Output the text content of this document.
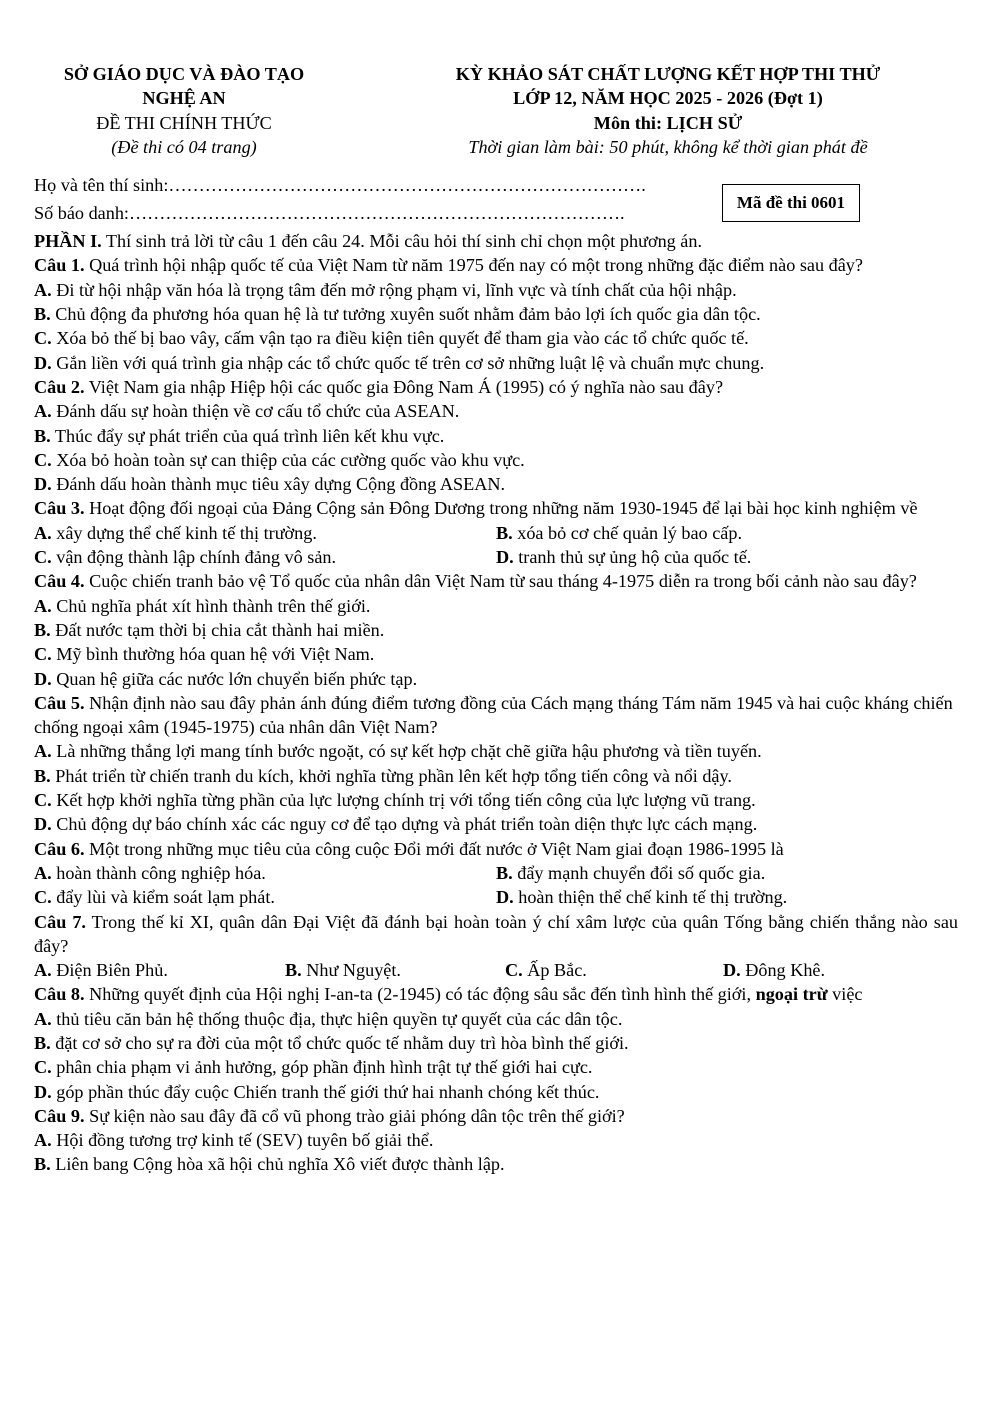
SỞ GIÁO DỤC VÀ ĐÀO TẠO
NGHỆ AN
ĐỀ THI CHÍNH THỨC
(Đề thi có 04 trang)
KỲ KHẢO SÁT CHẤT LƯỢNG KẾT HỢP THI THỬ
LỚP 12, NĂM HỌC 2025 - 2026 (Đợt 1)
Môn thi: LỊCH SỬ
Thời gian làm bài: 50 phút, không kể thời gian phát đề
Họ và tên thí sinh:…………………………………………………………………….
Số báo danh:……………………………………………………………………….
Mã đề thi 0601

PHẦN I. Thí sinh trả lời từ câu 1 đến câu 24. Mỗi câu hỏi thí sinh chỉ chọn một phương án.

Câu 1. Quá trình hội nhập quốc tế của Việt Nam từ năm 1975 đến nay có một trong những đặc điểm nào sau đây?

A. Đi từ hội nhập văn hóa là trọng tâm đến mở rộng phạm vi, lĩnh vực và tính chất của hội nhập.

B. Chủ động đa phương hóa quan hệ là tư tưởng xuyên suốt nhằm đảm bảo lợi ích quốc gia dân tộc.

C. Xóa bỏ thế bị bao vây, cấm vận tạo ra điều kiện tiên quyết để tham gia vào các tổ chức quốc tế.

D. Gắn liền với quá trình gia nhập các tổ chức quốc tế trên cơ sở những luật lệ và chuẩn mực chung.

Câu 2. Việt Nam gia nhập Hiệp hội các quốc gia Đông Nam Á (1995) có ý nghĩa nào sau đây?

A. Đánh dấu sự hoàn thiện về cơ cấu tổ chức của ASEAN.

B. Thúc đẩy sự phát triển của quá trình liên kết khu vực.

C. Xóa bỏ hoàn toàn sự can thiệp của các cường quốc vào khu vực.

D. Đánh dấu hoàn thành mục tiêu xây dựng Cộng đồng ASEAN.

Câu 3. Hoạt động đối ngoại của Đảng Cộng sản Đông Dương trong những năm 1930-1945 để lại bài học kinh nghiệm về

A. xây dựng thể chế kinh tế thị trường.	B. xóa bỏ cơ chế quản lý bao cấp.
C. vận động thành lập chính đảng vô sản.	D. tranh thủ sự ủng hộ của quốc tế.

Câu 4. Cuộc chiến tranh bảo vệ Tổ quốc của nhân dân Việt Nam từ sau tháng 4-1975 diễn ra trong bối cảnh nào sau đây?

A. Chủ nghĩa phát xít hình thành trên thế giới.

B. Đất nước tạm thời bị chia cắt thành hai miền.

C. Mỹ bình thường hóa quan hệ với Việt Nam.

D. Quan hệ giữa các nước lớn chuyển biến phức tạp.

Câu 5. Nhận định nào sau đây phản ánh đúng điểm tương đồng của Cách mạng tháng Tám năm 1945 và hai cuộc kháng chiến chống ngoại xâm (1945-1975) của nhân dân Việt Nam?

A. Là những thắng lợi mang tính bước ngoặt, có sự kết hợp chặt chẽ giữa hậu phương và tiền tuyến.

B. Phát triển từ chiến tranh du kích, khởi nghĩa từng phần lên kết hợp tổng tiến công và nổi dậy.

C. Kết hợp khởi nghĩa từng phần của lực lượng chính trị với tổng tiến công của lực lượng vũ trang.

D. Chủ động dự báo chính xác các nguy cơ để tạo dựng và phát triển toàn diện thực lực cách mạng.

Câu 6. Một trong những mục tiêu của công cuộc Đổi mới đất nước ở Việt Nam giai đoạn 1986-1995 là

A. hoàn thành công nghiệp hóa.	B. đẩy mạnh chuyển đổi số quốc gia.
C. đẩy lùi và kiểm soát lạm phát.	D. hoàn thiện thể chế kinh tế thị trường.

Câu 7. Trong thế kỉ XI, quân dân Đại Việt đã đánh bại hoàn toàn ý chí xâm lược của quân Tống bằng chiến thắng nào sau đây?

A. Điện Biên Phủ.	B. Như Nguyệt.	C. Ấp Bắc.	D. Đông Khê.

Câu 8. Những quyết định của Hội nghị I-an-ta (2-1945) có tác động sâu sắc đến tình hình thế giới, ngoại trừ việc

A. thủ tiêu căn bản hệ thống thuộc địa, thực hiện quyền tự quyết của các dân tộc.

B. đặt cơ sở cho sự ra đời của một tổ chức quốc tế nhằm duy trì hòa bình thế giới.

C. phân chia phạm vi ảnh hưởng, góp phần định hình trật tự thế giới hai cực.

D. góp phần thúc đẩy cuộc Chiến tranh thế giới thứ hai nhanh chóng kết thúc.

Câu 9. Sự kiện nào sau đây đã cổ vũ phong trào giải phóng dân tộc trên thế giới?

A. Hội đồng tương trợ kinh tế (SEV) tuyên bố giải thể.

B. Liên bang Cộng hòa xã hội chủ nghĩa Xô viết được thành lập.
